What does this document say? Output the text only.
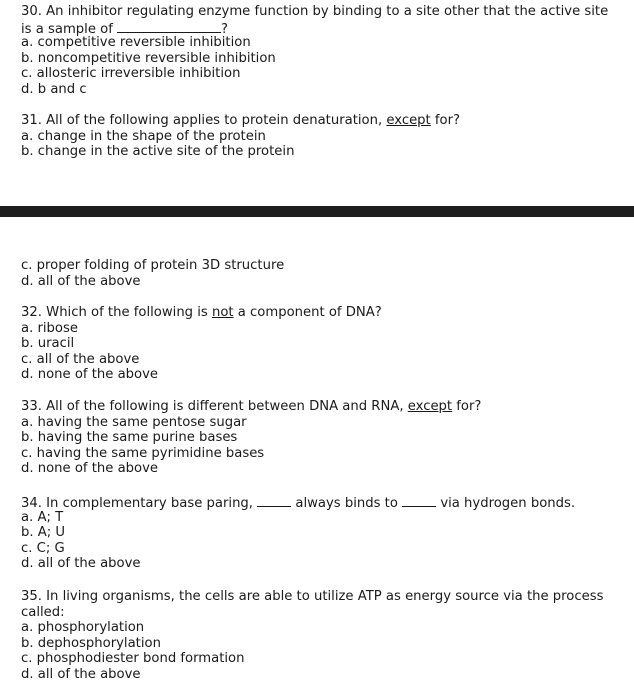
30. An inhibitor regulating enzyme function by binding to a site other that the active site
is a sample of	?
a. competitive reversible inhibition
b. noncompetitive reversible inhibition
c. allosteric irreversible inhibition
d. b and c
31. All of the following applies to protein denaturation, except for?
a. change in the shape of the protein
b. change in the active site of the protein
c. proper folding of protein 3D structure
d. all of the above
32. Which of the following is not a component of DNA?
a. ribose
b. uracil
c. all of the above
d. none of the above
33. All of the following is different between DNA and RNA, except for?
a. having the same pentose sugar
b. having the same purine bases
c. having the same pyrimidine bases
d. none of the above
34. In complementary base paring,	always binds to	via hydrogen bonds.
a. A; T
b. A; U
c. C; G
d. all of the above
35. In living organisms, the cells are able to utilize ATP as energy source via the process
called:
a. phosphorylation
b. dephosphorylation
c. phosphodiester bond formation
d. all of the above
